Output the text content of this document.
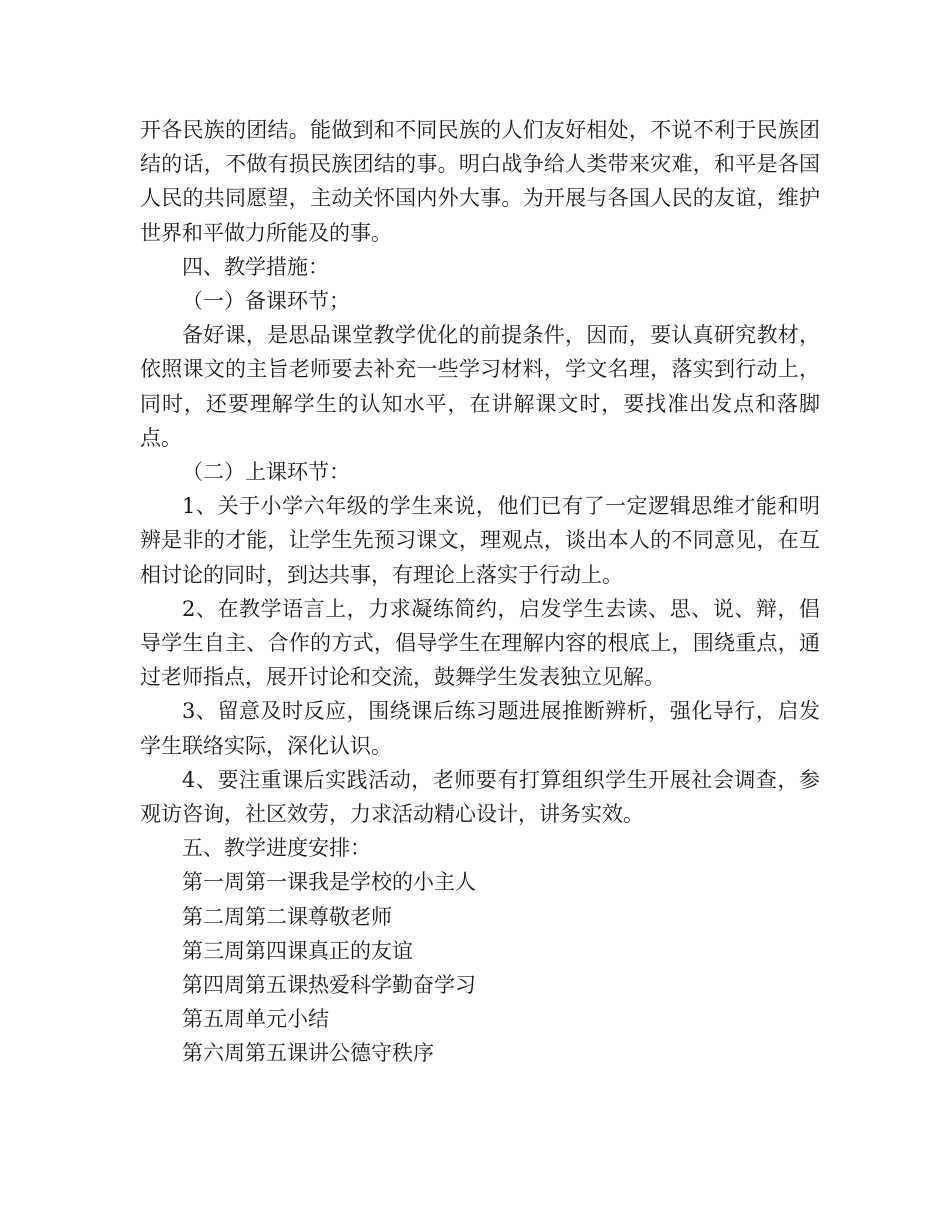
开各民族的团结。能做到和不同民族的人们友好相处，不说不利于民族团结的话，不做有损民族团结的事。明白战争给人类带来灾难，和平是各国人民的共同愿望，主动关怀国内外大事。为开展与各国人民的友谊，维护世界和平做力所能及的事。

四、教学措施：

（一）备课环节；

备好课，是思品课堂教学优化的前提条件，因而，要认真研究教材，依照课文的主旨老师要去补充一些学习材料，学文名理，落实到行动上，同时，还要理解学生的认知水平，在讲解课文时，要找准出发点和落脚点。

（二）上课环节：

1、关于小学六年级的学生来说，他们已有了一定逻辑思维才能和明辨是非的才能，让学生先预习课文，理观点，谈出本人的不同意见，在互相讨论的同时，到达共事，有理论上落实于行动上。

2、在教学语言上，力求凝练简约，启发学生去读、思、说、辩，倡导学生自主、合作的方式，倡导学生在理解内容的根底上，围绕重点，通过老师指点，展开讨论和交流，鼓舞学生发表独立见解。

3、留意及时反应，围绕课后练习题进展推断辨析，强化导行，启发学生联络实际，深化认识。

4、要注重课后实践活动，老师要有打算组织学生开展社会调查，参观访咨询，社区效劳，力求活动精心设计，讲务实效。

五、教学进度安排：

第一周第一课我是学校的小主人

第二周第二课尊敬老师

第三周第四课真正的友谊

第四周第五课热爱科学勤奋学习

第五周单元小结

第六周第五课讲公德守秩序
